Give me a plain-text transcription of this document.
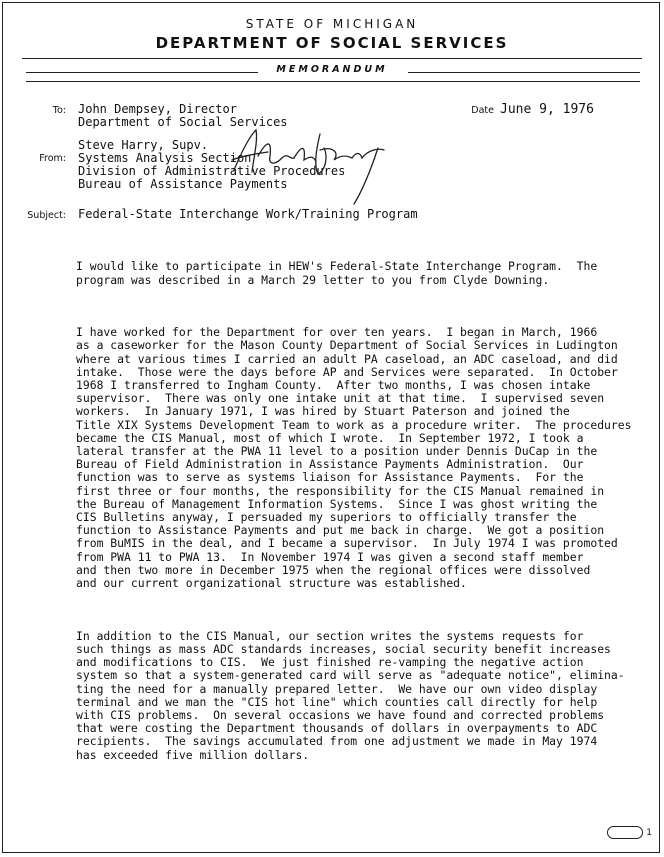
STATE OF MICHIGAN
DEPARTMENT OF SOCIAL SERVICES
MEMORANDUM
To: John Dempsey, Director
Department of Social Services
Date June 9, 1976
From:
Steve Harry, Supv.
Systems Analysis Section
Division of Administrative Procedures
Bureau of Assistance Payments
Subject: Federal-State Interchange Work/Training Program

I would like to participate in HEW's Federal-State Interchange Program.  The
program was described in a March 29 letter to you from Clyde Downing.

I have worked for the Department for over ten years.  I began in March, 1966
as a caseworker for the Mason County Department of Social Services in Ludington
where at various times I carried an adult PA caseload, an ADC caseload, and did
intake.  Those were the days before AP and Services were separated.  In October
1968 I transferred to Ingham County.  After two months, I was chosen intake
supervisor.  There was only one intake unit at that time.  I supervised seven
workers.  In January 1971, I was hired by Stuart Paterson and joined the
Title XIX Systems Development Team to work as a procedure writer.  The procedures
became the CIS Manual, most of which I wrote.  In September 1972, I took a
lateral transfer at the PWA 11 level to a position under Dennis DuCap in the
Bureau of Field Administration in Assistance Payments Administration.  Our
function was to serve as systems liaison for Assistance Payments.  For the
first three or four months, the responsibility for the CIS Manual remained in
the Bureau of Management Information Systems.  Since I was ghost writing the
CIS Bulletins anyway, I persuaded my superiors to officially transfer the
function to Assistance Payments and put me back in charge.  We got a position
from BuMIS in the deal, and I became a supervisor.  In July 1974 I was promoted
from PWA 11 to PWA 13.  In November 1974 I was given a second staff member
and then two more in December 1975 when the regional offices were dissolved
and our current organizational structure was established.

In addition to the CIS Manual, our section writes the systems requests for
such things as mass ADC standards increases, social security benefit increases
and modifications to CIS.  We just finished re-vamping the negative action
system so that a system-generated card will serve as "adequate notice", elimina-
ting the need for a manually prepared letter.  We have our own video display
terminal and we man the "CIS hot line" which counties call directly for help
with CIS problems.  On several occasions we have found and corrected problems
that were costing the Department thousands of dollars in overpayments to ADC
recipients.  The savings accumulated from one adjustment we made in May 1974
has exceeded five million dollars.

1
